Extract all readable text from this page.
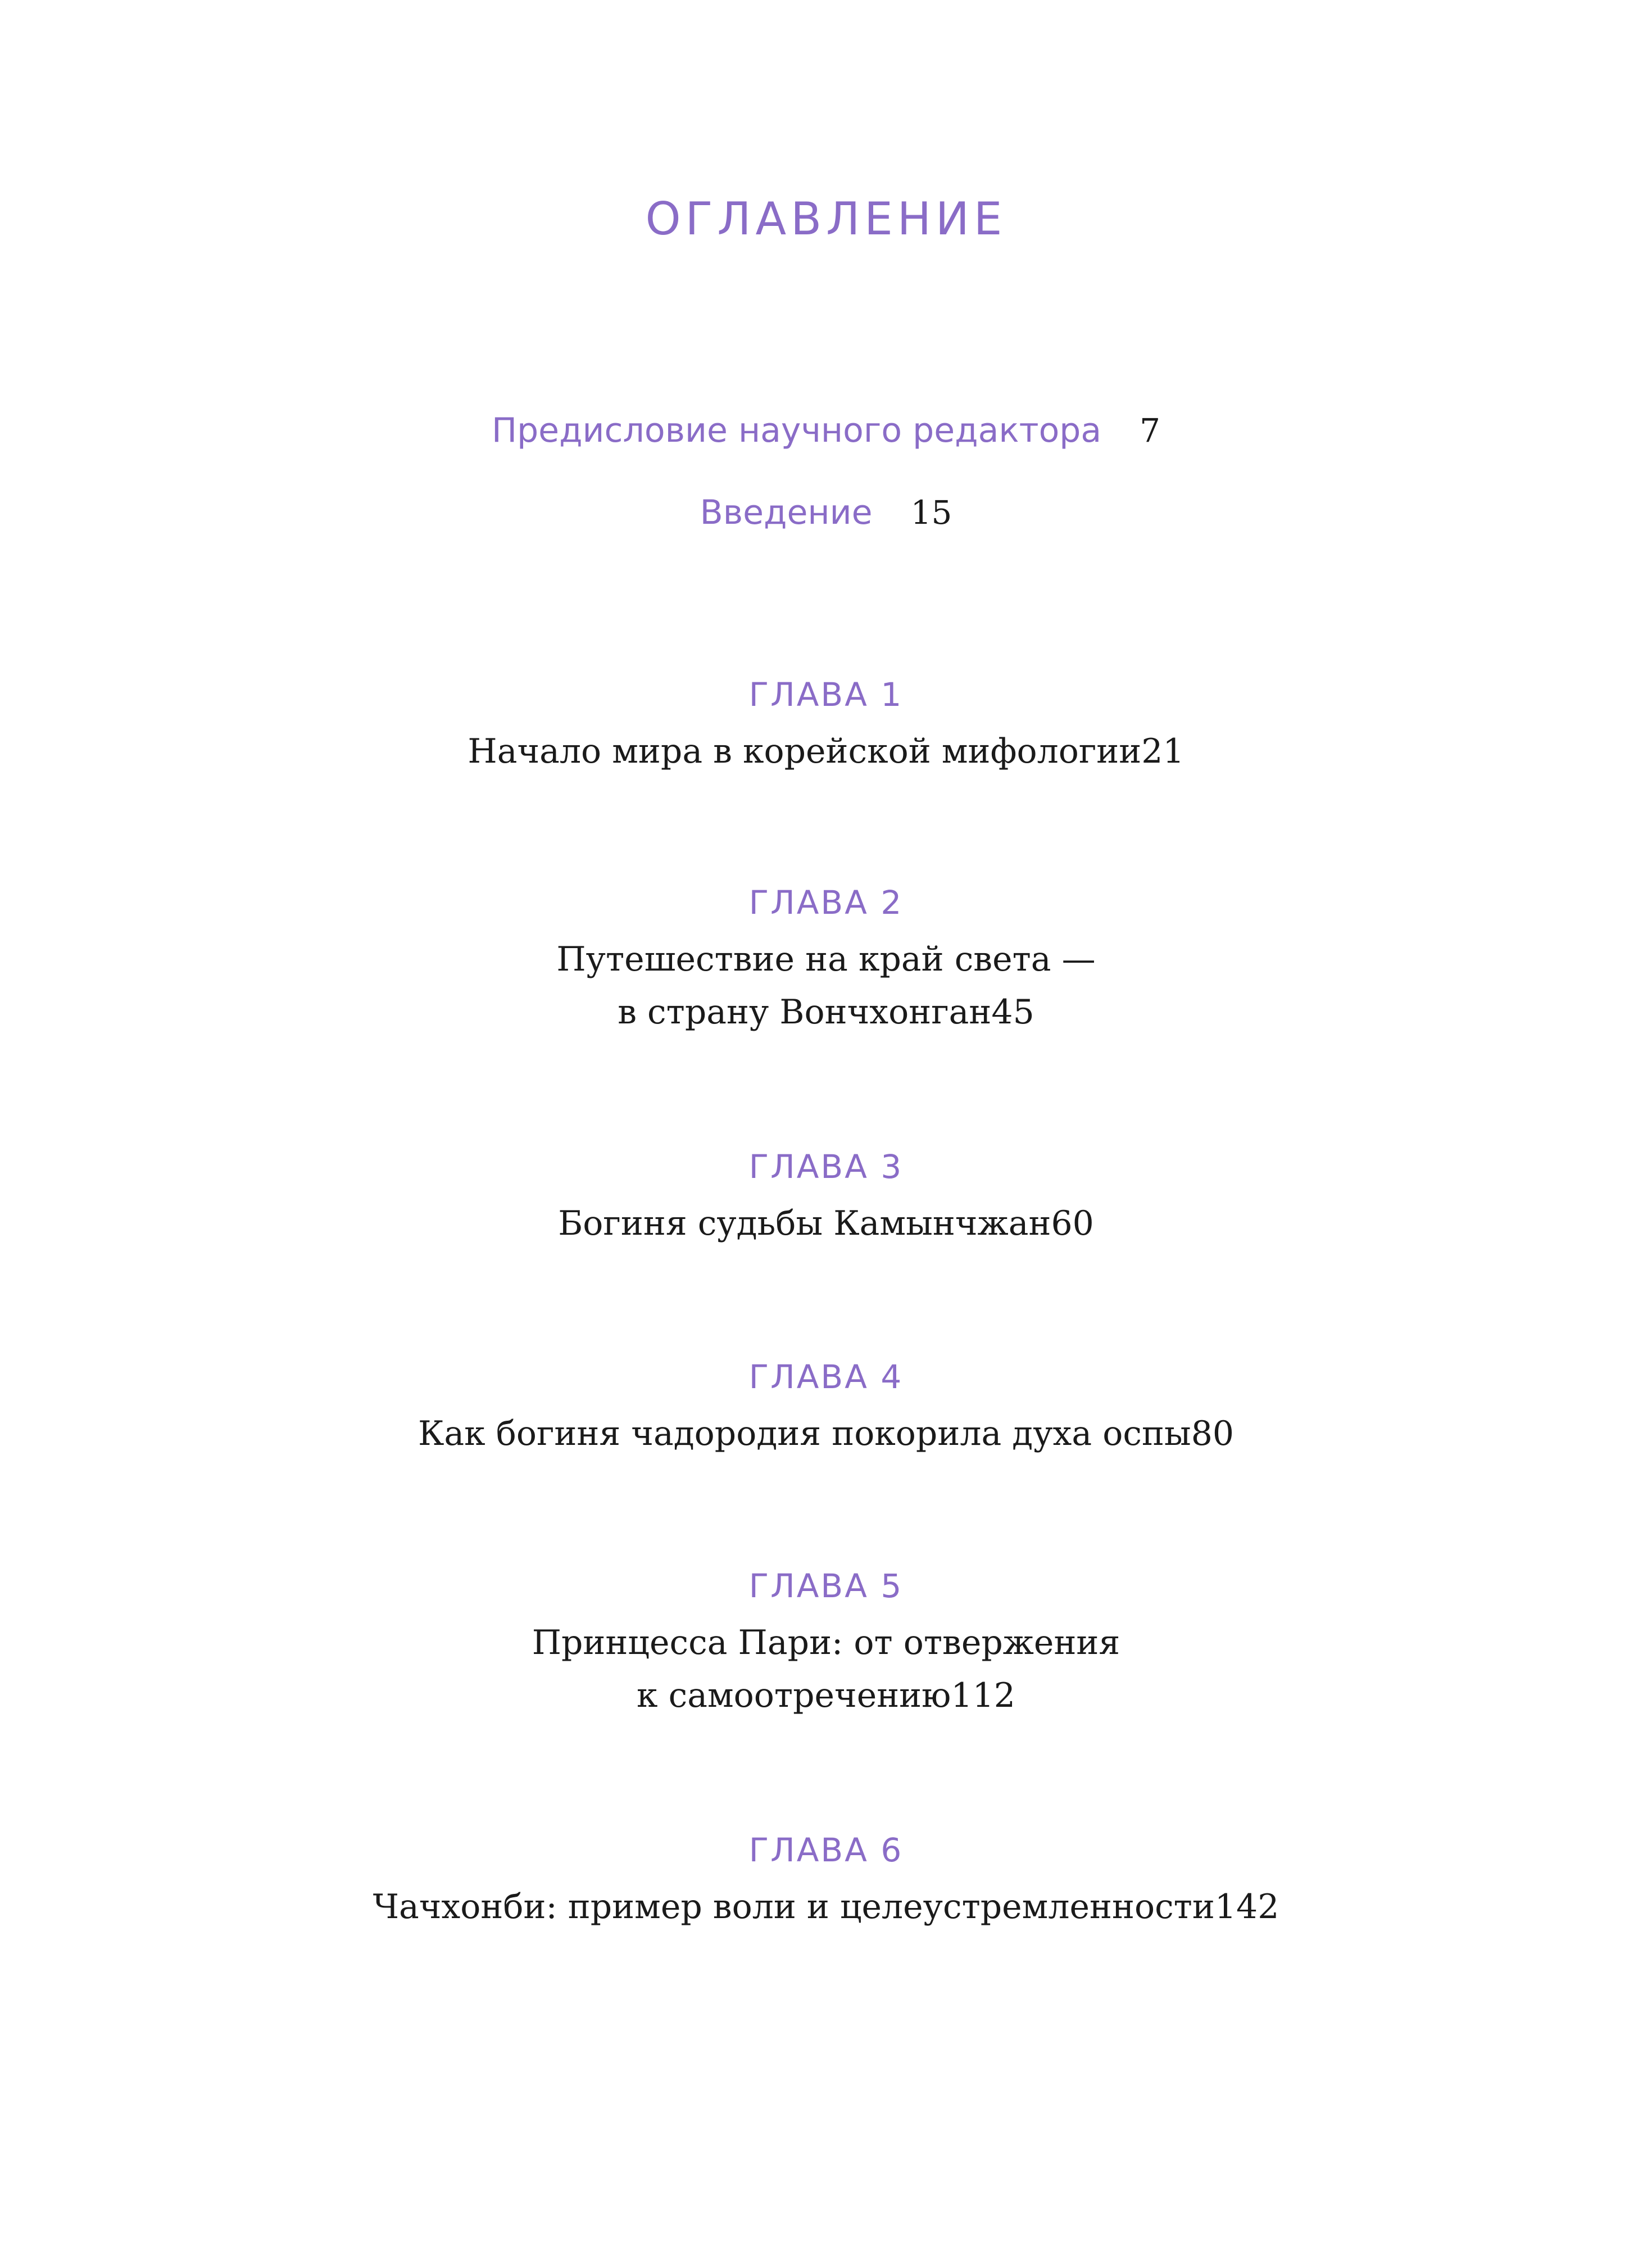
ОГЛАВЛЕНИЕ
Предисловие научного редактора 7
Введение 15
ГЛАВА 1
Начало мира в корейской мифологии21
ГЛАВА 2
Путешествие на край света —
в страну Вончхонган45
ГЛАВА 3
Богиня судьбы Камынчжан60
ГЛАВА 4
Как богиня чадородия покорила духа оспы80
ГЛАВА 5
Принцесса Пари: от отвержения
к самоотречению112
ГЛАВА 6
Чачхонби: пример воли и целеустремленности142
